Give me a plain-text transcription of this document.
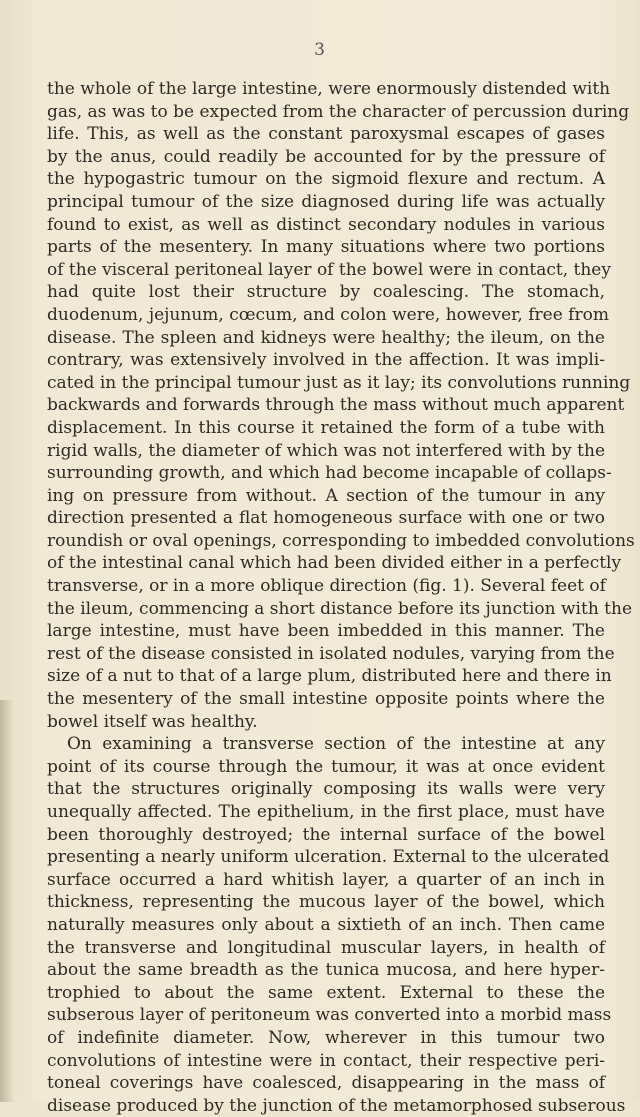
3
the whole of the large intestine, were enormously distended with
gas, as was to be expected from the character of percussion during
life. This, as well as the constant paroxysmal escapes of gases
by the anus, could readily be accounted for by the pressure of
the hypogastric tumour on the sigmoid flexure and rectum. A
principal tumour of the size diagnosed during life was actually
found to exist, as well as distinct secondary nodules in various
parts of the mesentery. In many situations where two portions
of the visceral peritoneal layer of the bowel were in contact, they
had quite lost their structure by coalescing. The stomach,
duodenum, jejunum, cœcum, and colon were, however, free from
disease. The spleen and kidneys were healthy; the ileum, on the
contrary, was extensively involved in the affection. It was impli-
cated in the principal tumour just as it lay; its convolutions running
backwards and forwards through the mass without much apparent
displacement. In this course it retained the form of a tube with
rigid walls, the diameter of which was not interfered with by the
surrounding growth, and which had become incapable of collaps-
ing on pressure from without. A section of the tumour in any
direction presented a flat homogeneous surface with one or two
roundish or oval openings, corresponding to imbedded convolutions
of the intestinal canal which had been divided either in a perfectly
transverse, or in a more oblique direction (fig. 1). Several feet of
the ileum, commencing a short distance before its junction with the
large intestine, must have been imbedded in this manner. The
rest of the disease consisted in isolated nodules, varying from the
size of a nut to that of a large plum, distributed here and there in
the mesentery of the small intestine opposite points where the
bowel itself was healthy.
On examining a transverse section of the intestine at any
point of its course through the tumour, it was at once evident
that the structures originally composing its walls were very
unequally affected. The epithelium, in the first place, must have
been thoroughly destroyed; the internal surface of the bowel
presenting a nearly uniform ulceration. External to the ulcerated
surface occurred a hard whitish layer, a quarter of an inch in
thickness, representing the mucous layer of the bowel, which
naturally measures only about a sixtieth of an inch. Then came
the transverse and longitudinal muscular layers, in health of
about the same breadth as the tunica mucosa, and here hyper-
trophied to about the same extent. External to these the
subserous layer of peritoneum was converted into a morbid mass
of indefinite diameter. Now, wherever in this tumour two
convolutions of intestine were in contact, their respective peri-
toneal coverings have coalesced, disappearing in the mass of
disease produced by the junction of the metamorphosed subserous
